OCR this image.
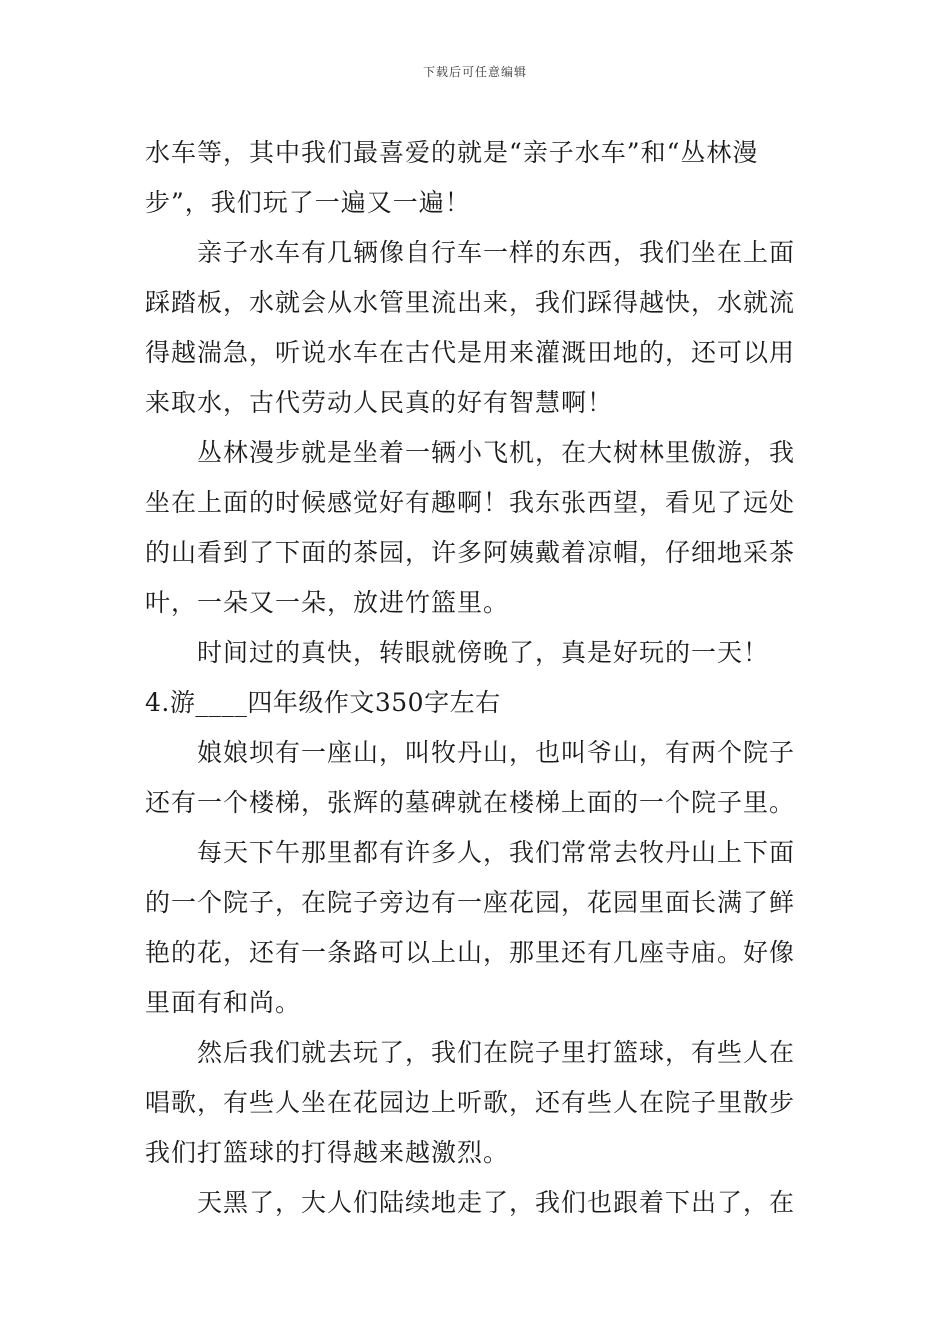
下载后可任意编辑
水车等，其中我们最喜爱的就是“亲子水车”和“丛林漫
步”，我们玩了一遍又一遍！
亲子水车有几辆像自行车一样的东西，我们坐在上面
踩踏板，水就会从水管里流出来，我们踩得越快，水就流
得越湍急，听说水车在古代是用来灌溉田地的，还可以用
来取水，古代劳动人民真的好有智慧啊！
丛林漫步就是坐着一辆小飞机，在大树林里傲游，我
坐在上面的时候感觉好有趣啊！我东张西望，看见了远处
的山看到了下面的茶园，许多阿姨戴着凉帽，仔细地采茶
叶，一朵又一朵，放进竹篮里。
时间过的真快，转眼就傍晚了，真是好玩的一天！
4.游____四年级作文350字左右
娘娘坝有一座山，叫牧丹山，也叫爷山，有两个院子
还有一个楼梯，张辉的墓碑就在楼梯上面的一个院子里。
每天下午那里都有许多人，我们常常去牧丹山上下面
的一个院子，在院子旁边有一座花园，花园里面长满了鲜
艳的花，还有一条路可以上山，那里还有几座寺庙。好像
里面有和尚。
然后我们就去玩了，我们在院子里打篮球，有些人在
唱歌，有些人坐在花园边上听歌，还有些人在院子里散步
我们打篮球的打得越来越激烈。
天黑了，大人们陆续地走了，我们也跟着下出了，在
